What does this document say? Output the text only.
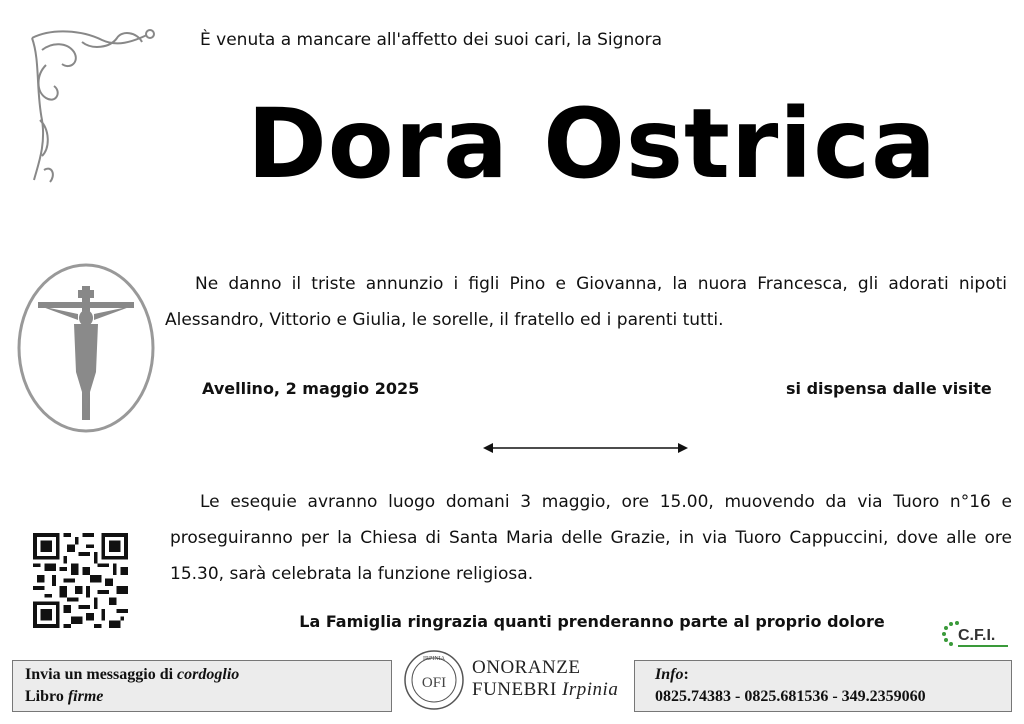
È venuta a mancare all'affetto dei suoi cari, la Signora
Dora Ostrica
Ne danno il triste annunzio i figli Pino e Giovanna, la nuora Francesca, gli adorati nipoti Alessandro, Vittorio e Giulia, le sorelle, il fratello ed i parenti tutti.
Avellino, 2 maggio 2025	si dispensa dalle visite
Le esequie avranno luogo domani 3 maggio, ore 15.00, muovendo da via Tuoro n°16 e proseguiranno per la Chiesa di Santa Maria delle Grazie, in via Tuoro Cappuccini, dove alle ore 15.30, sarà celebrata la funzione religiosa.
La Famiglia ringrazia quanti prenderanno parte al proprio dolore
C.F.I.
Invia un messaggio di cordoglio
Libro firme
IRPINIA
OFI
ONORANZE
FUNEBRI Irpinia
Info:
0825.74383 - 0825.681536 - 349.2359060
